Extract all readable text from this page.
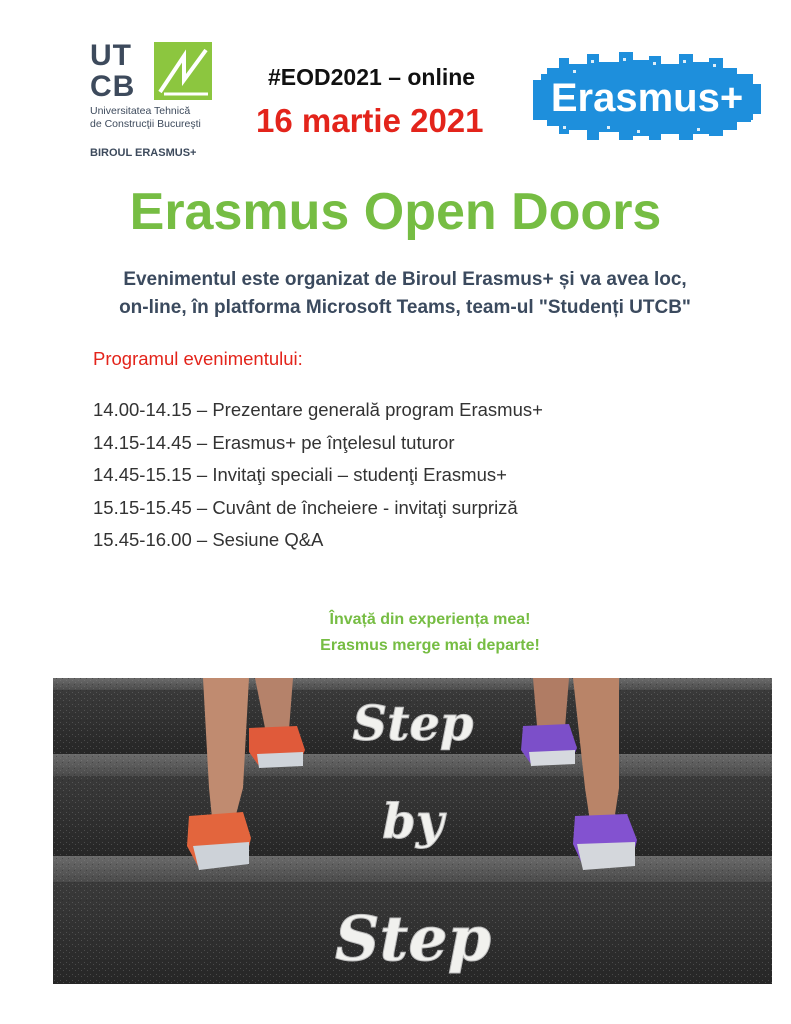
UT
CB
Universitatea Tehnică
de Construcţii Bucureşti
BIROUL ERASMUS+
#EOD2021 – online
16 martie 2021
Erasmus+
Erasmus Open Doors
Evenimentul este organizat de Biroul Erasmus+ și va avea loc,
on-line, în platforma Microsoft Teams, team-ul "Studenți UTCB"
Programul evenimentului:
14.00-14.15 – Prezentare generală program Erasmus+
14.15-14.45 – Erasmus+ pe înţelesul tuturor
14.45-15.15 – Invitaţi speciali – studenţi Erasmus+
15.15-15.45 – Cuvânt de încheiere - invitaţi surpriză
15.45-16.00 – Sesiune Q&A
Învață din experiența mea!
Erasmus merge mai departe!
Step
by
Step
